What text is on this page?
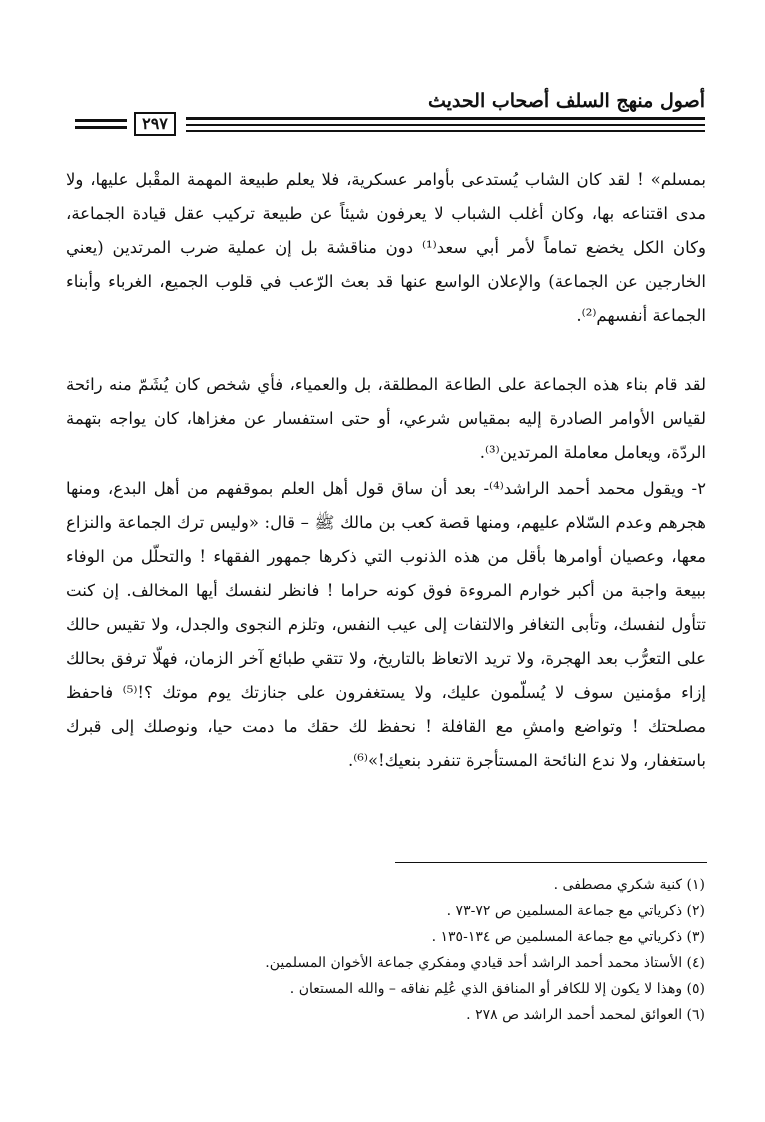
أصول منهج السلف أصحاب الحديث
٢٩٧

بمسلم» ! لقد كان الشاب يُستدعى بأوامر عسكرية، فلا يعلم طبيعة المهمة المقْبل عليها، ولا مدى اقتناعه بها، وكان أغلب الشباب لا يعرفون شيئاً عن طبيعة تركيب عقل قيادة الجماعة، وكان الكل يخضع تماماً لأمر أبي سعد⁽¹⁾ دون مناقشة بل إن عملية ضرب المرتدين (يعني الخارجين عن الجماعة) والإعلان الواسع عنها قد بعث الرّعب في قلوب الجميع، الغرباء وأبناء الجماعة أنفسهم⁽²⁾.

لقد قام بناء هذه الجماعة على الطاعة المطلقة، بل والعمياء، فأي شخص كان يُشَمّ منه رائحة لقياس الأوامر الصادرة إليه بمقياس شرعي، أو حتى استفسار عن مغزاها، كان يواجه بتهمة الردّة، ويعامل معاملة المرتدين⁽³⁾.

٢- ويقول محمد أحمد الراشد⁽⁴⁾- بعد أن ساق قول أهل العلم بموقفهم من أهل البدع، ومنها هجرهم وعدم السّلام عليهم، ومنها قصة كعب بن مالك ﷺ – قال: «وليس ترك الجماعة والنزاع معها، وعصيان أوامرها بأقل من هذه الذنوب التي ذكرها جمهور الفقهاء ! والتحلّل من الوفاء ببيعة واجبة من أكبر خوارم المروءة فوق كونه حراما ! فانظر لنفسك أيها المخالف. إن كنت تتأول لنفسك، وتأبى التغافر والالتفات إلى عيب النفس، وتلزم النجوى والجدل، ولا تقيس حالك على التعرُّب بعد الهجرة، ولا تريد الاتعاظ بالتاريخ، ولا تتقي طبائع آخر الزمان، فهلّا ترفق بحالك إزاء مؤمنين سوف لا يُسلّمون عليك، ولا يستغفرون على جنازتك يوم موتك ؟!⁽⁵⁾ فاحفظ مصلحتك ! وتواضع وامشِ مع القافلة ! نحفظ لك حقك ما دمت حيا، ونوصلك إلى قبرك باستغفار، ولا ندع النائحة المستأجرة تنفرد بنعيك!»⁽⁶⁾.

(١) كنية شكري مصطفى .
(٢) ذكرياتي مع جماعة المسلمين ص ٧٢-٧٣ .
(٣) ذكرياتي مع جماعة المسلمين ص ١٣٤-١٣٥ .
(٤) الأستاذ محمد أحمد الراشد أحد قيادي ومفكري جماعة الأخوان المسلمين.
(٥) وهذا لا يكون إلا للكافر أو المنافق الذي عُلِم نفاقه – والله المستعان .
(٦) العوائق لمحمد أحمد الراشد ص ٢٧٨ .
